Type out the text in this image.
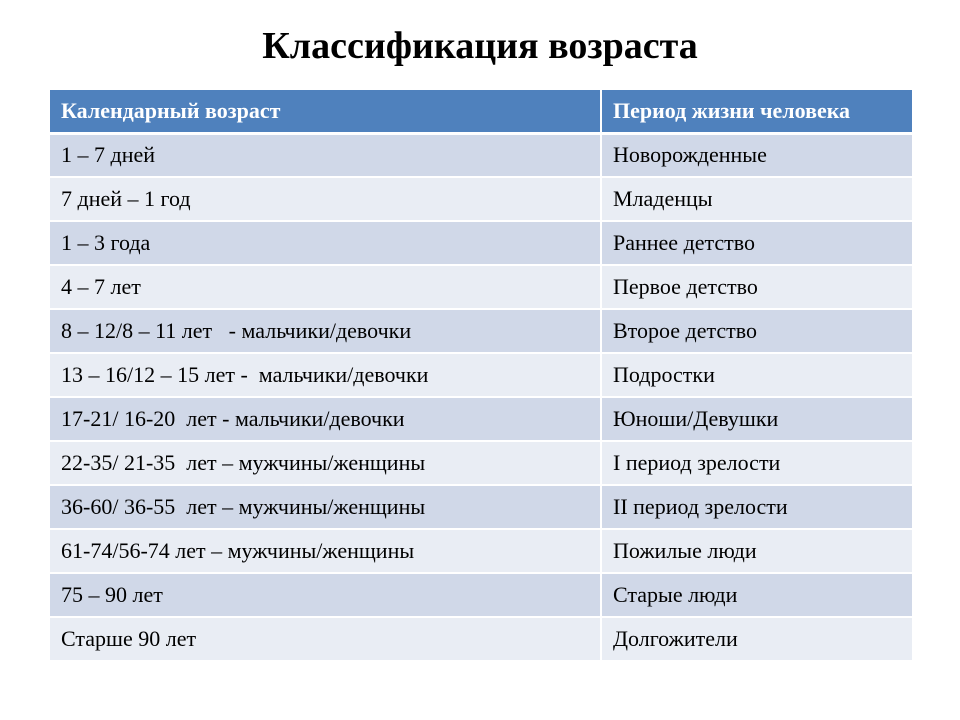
Классификация возраста
Календарный возраст	Период жизни человека
1 – 7 дней	Новорожденные
7 дней – 1 год	Младенцы
1 – 3 года	Раннее детство
4 – 7 лет	Первое детство
8 – 12/8 – 11 лет   - мальчики/девочки	Второе детство
13 – 16/12 – 15 лет -  мальчики/девочки	Подростки
17-21/ 16-20  лет - мальчики/девочки	Юноши/Девушки
22-35/ 21-35  лет – мужчины/женщины	I период зрелости
36-60/ 36-55  лет – мужчины/женщины	II период зрелости
61-74/56-74 лет – мужчины/женщины	Пожилые люди
75 – 90 лет	Старые люди
Старше 90 лет	Долгожители
